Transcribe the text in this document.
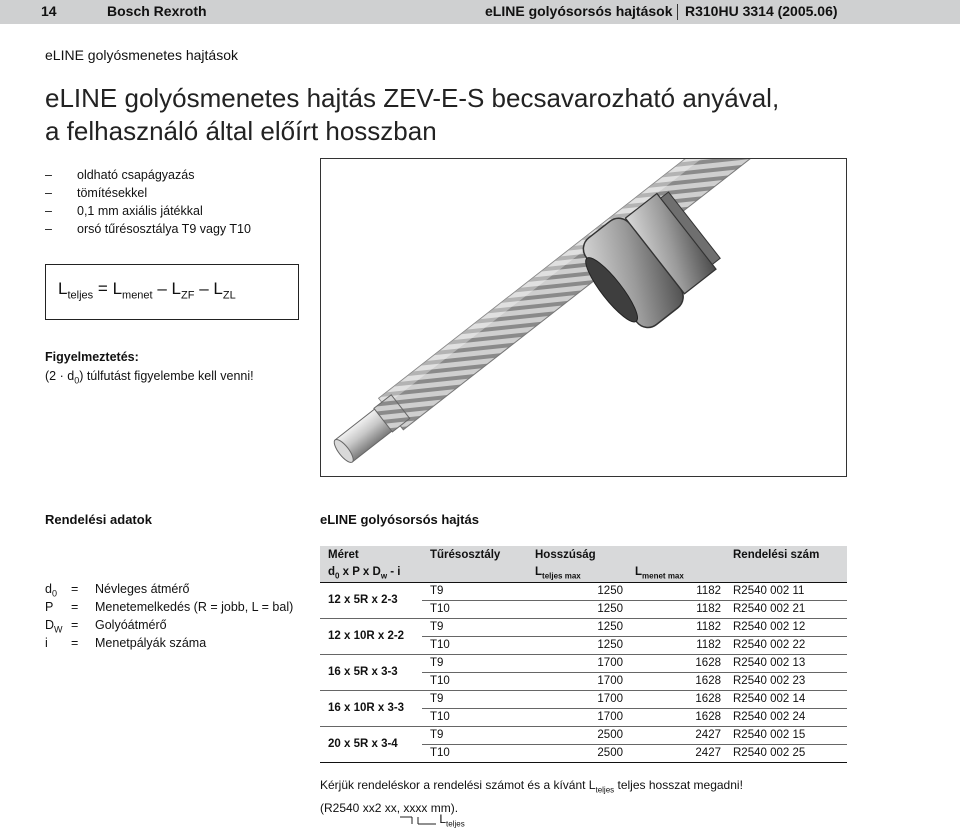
14	Bosch Rexroth	eLINE golyósorsós hajtások R310HU 3314 (2005.06)
eLINE golyósmenetes hajtások
eLINE golyósmenetes hajtás ZEV-E-S becsavarozható anyával,
a felhasználó által előírt hosszban
– oldható csapágyazás
– tömítésekkel
– 0,1 mm axiális játékkal
– orsó tűrésosztálya T9 vagy T10
$L_{teljes} = L_{menet} - L_{ZF} - L_{ZL}$
Figyelmeztetés:
$(2 \cdot d_0)$ túlfutást figyelembe kell venni!
Rendelési adatok	eLINE golyósorsós hajtás
$d_0$ = Névleges átmérő
P = Menetemelkedés (R = jobb, L = bal)
$D_W$ = Golyóátmérő
i = Menetpályák száma
Méret	Tűrésosztály	Hosszúság		Rendelési szám
$d_0$ x P x $D_w$ - i		$L_{teljes max}$	$L_{menet max}$	
12 x 5R x 2-3	T9	1250	1182	R2540 002 11
	T10	1250	1182	R2540 002 21
12 x 10R x 2-2	T9	1250	1182	R2540 002 12
	T10	1250	1182	R2540 002 22
16 x 5R x 3-3	T9	1700	1628	R2540 002 13
	T10	1700	1628	R2540 002 23
16 x 10R x 3-3	T9	1700	1628	R2540 002 14
	T10	1700	1628	R2540 002 24
20 x 5R x 3-4	T9	2500	2427	R2540 002 15
	T10	2500	2427	R2540 002 25
Kérjük rendeléskor a rendelési számot és a kívánt $L_{teljes}$ teljes hosszat megadni!
(R2540 xx2 xx, xxxx mm).
$L_{teljes}$
